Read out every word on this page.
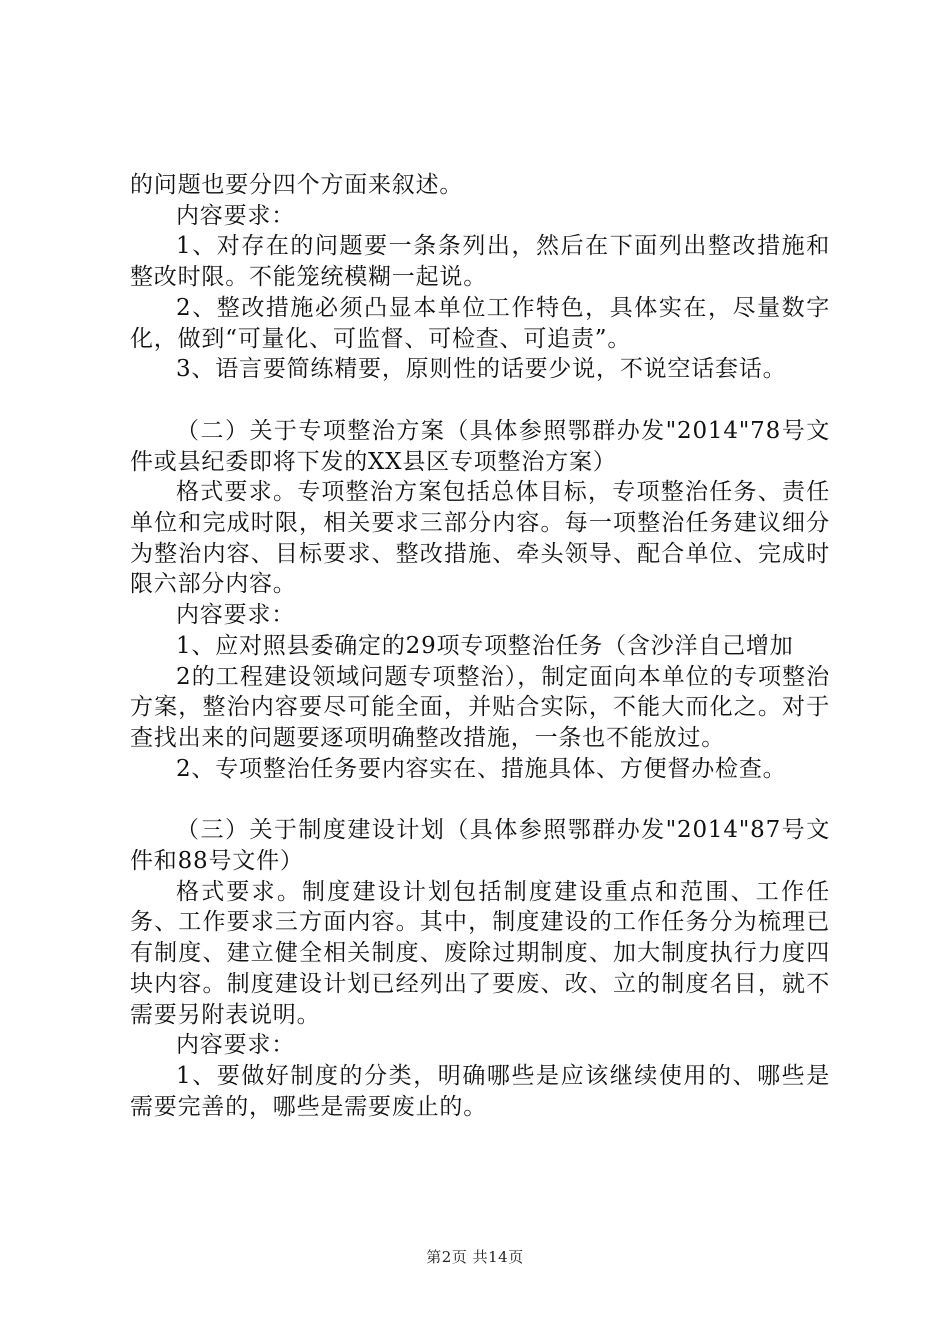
的问题也要分四个方面来叙述。

内容要求：

1、对存在的问题要一条条列出，然后在下面列出整改措施和整改时限。不能笼统模糊一起说。

2、整改措施必须凸显本单位工作特色，具体实在，尽量数字化，做到“可量化、可监督、可检查、可追责”。

3、语言要简练精要，原则性的话要少说，不说空话套话。

（二）关于专项整治方案（具体参照鄂群办发"2014"78号文件或县纪委即将下发的XX县区专项整治方案）

格式要求。专项整治方案包括总体目标，专项整治任务、责任单位和完成时限，相关要求三部分内容。每一项整治任务建议细分为整治内容、目标要求、整改措施、牵头领导、配合单位、完成时限六部分内容。

内容要求：

1、应对照县委确定的29项专项整治任务（含沙洋自己增加

2的工程建设领域问题专项整治），制定面向本单位的专项整治方案，整治内容要尽可能全面，并贴合实际，不能大而化之。对于查找出来的问题要逐项明确整改措施，一条也不能放过。

2、专项整治任务要内容实在、措施具体、方便督办检查。

（三）关于制度建设计划（具体参照鄂群办发"2014"87号文件和88号文件）

格式要求。制度建设计划包括制度建设重点和范围、工作任务、工作要求三方面内容。其中，制度建设的工作任务分为梳理已有制度、建立健全相关制度、废除过期制度、加大制度执行力度四块内容。制度建设计划已经列出了要废、改、立的制度名目，就不需要另附表说明。

内容要求：

1、要做好制度的分类，明确哪些是应该继续使用的、哪些是需要完善的，哪些是需要废止的。

第2页 共14页
